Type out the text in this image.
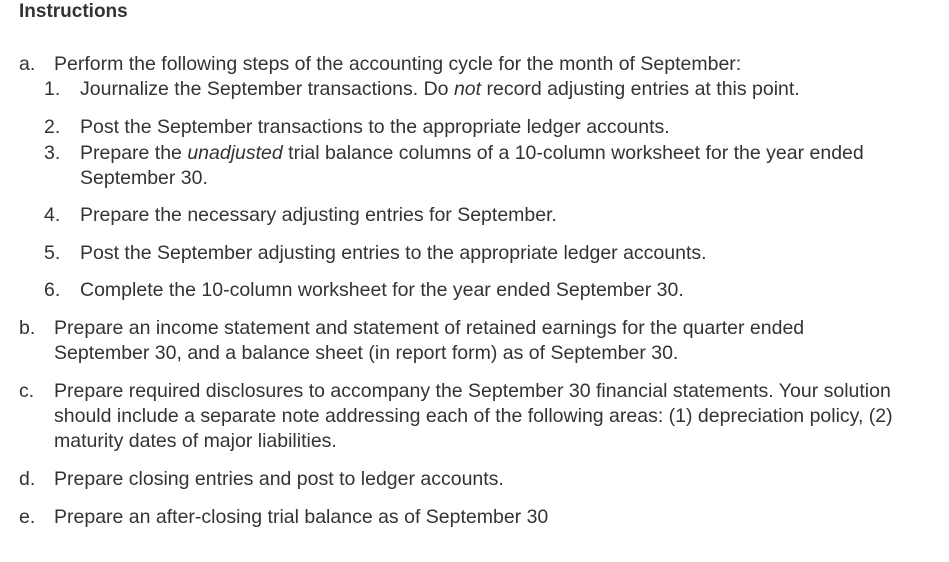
Instructions
a. Perform the following steps of the accounting cycle for the month of September:
1. Journalize the September transactions. Do not record adjusting entries at this point.
2. Post the September transactions to the appropriate ledger accounts.
3. Prepare the unadjusted trial balance columns of a 10-column worksheet for the year ended
September 30.
4. Prepare the necessary adjusting entries for September.
5. Post the September adjusting entries to the appropriate ledger accounts.
6. Complete the 10-column worksheet for the year ended September 30.
b. Prepare an income statement and statement of retained earnings for the quarter ended
September 30, and a balance sheet (in report form) as of September 30.
c. Prepare required disclosures to accompany the September 30 financial statements. Your solution
should include a separate note addressing each of the following areas: (1) depreciation policy, (2)
maturity dates of major liabilities.
d. Prepare closing entries and post to ledger accounts.
e. Prepare an after-closing trial balance as of September 30
